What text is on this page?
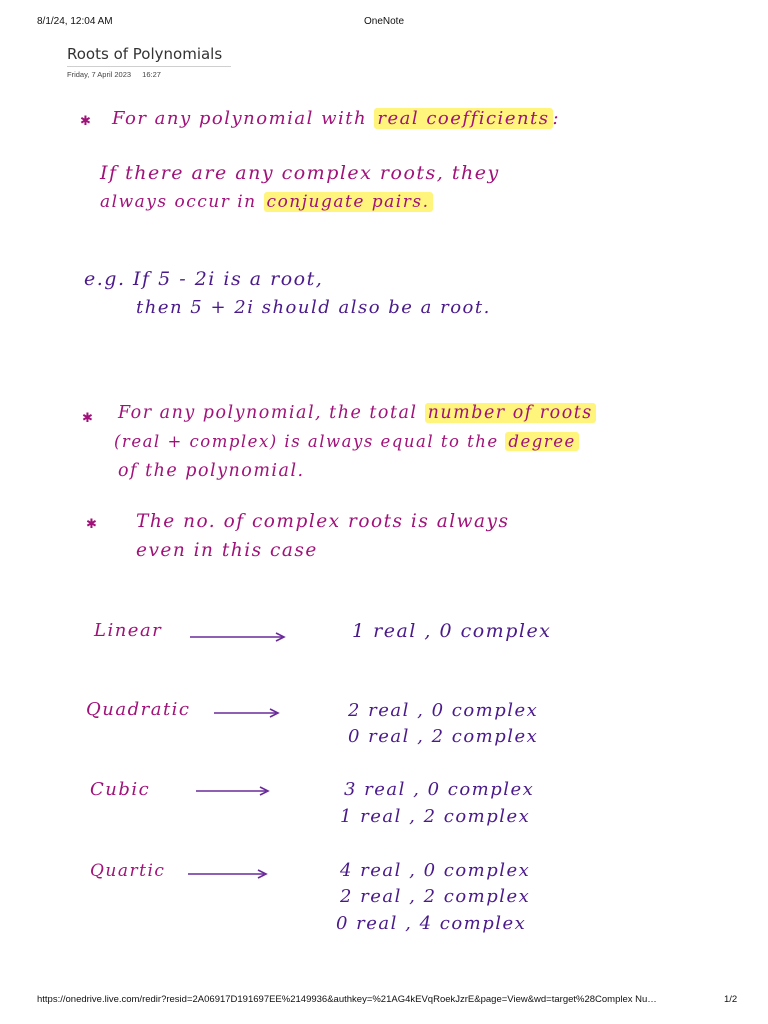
8/1/24, 12:04 AM	OneNote
Roots of Polynomials
Friday, 7 April 2023 16:27
✱ For any polynomial with real coefficients :
If there are any complex roots, they
always occur in conjugate pairs.
e.g. If 5 - 2i is a root,
then 5 + 2i should also be a root.
✱ For any polynomial, the total number of roots
(real + complex) is always equal to the degree
of the polynomial.
✱ The no. of complex roots is always
even in this case
Linear	1 real , 0 complex
Quadratic	2 real , 0 complex
0 real , 2 complex
Cubic	3 real , 0 complex
1 real , 2 complex
Quartic	4 real , 0 complex
2 real , 2 complex
0 real , 4 complex
https://onedrive.live.com/redir?resid=2A06917D191697EE%2149936&authkey=%21AG4kEVqRoekJzrE&page=View&wd=target%28Complex Nu…	1/2
